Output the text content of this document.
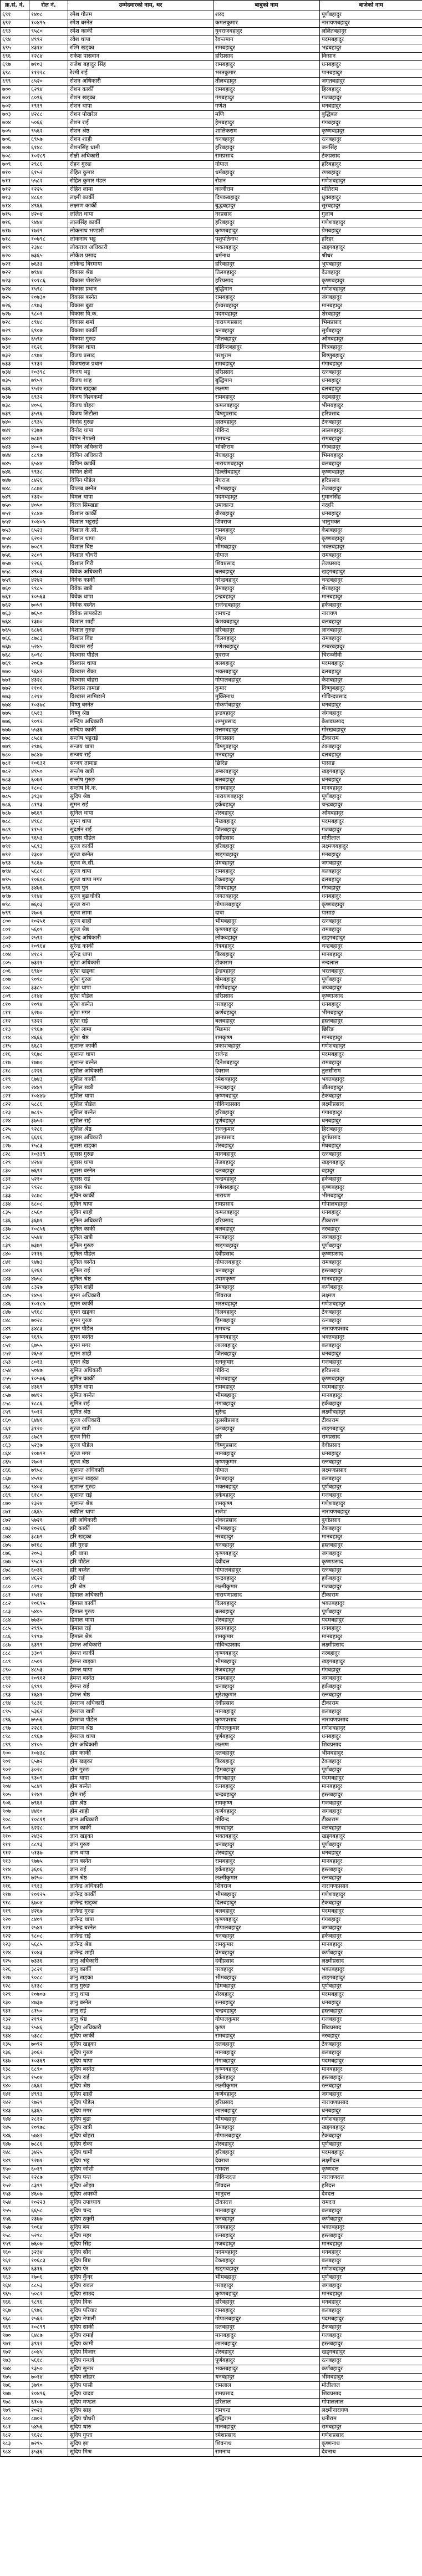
क्र.सं. नं.	रोल नं.	उम्मेदवारको नाम, थर	बाबुको नाम	बाजेको नाम
६९१	१४०८	रमेश गौतम	शरद	पूर्णबहादुर
६९२	१०४९५	रमेश बस्नेत	कमलकुमार	नारायणबहादुर
६९३	९५८०	रमेश कार्की	युवराजबहादुर	ललितबहादुर
६९४	४९९२	रवेश थापा	रेवन्तमान	पदमबहादुर
६९५	४३१४	रश्मि खड्का	रामबहादुर	भद्रबहादुर
६९६	१२८४	राकेश पासवान	हरिप्रसाद	किसान
६९७	७१०३	राजेश बहादुर सिंह	रामबहादुर	धनबहादुर
६९८	११२२८	रेश्मी राई	भरतकुमार	पानबहादुर
६९९	८५२०	रोशन अधिकारी	तीलबहादुर	जगतबहादुर
७००	६२९४	रोशन कार्की	रामबहादुर	हिरबहादुर
७०१	८०९६	रोशन खड्का	गंगबहादुर	गजबहादुर
७०२	१९१९	रोशन थापा	गणेश	धनबहादुर
७०३	४२८८	रोशन पोखरेल	मणि	बुद्धिबल
७०४	५०६६	रोशन राई	हेमबहादुर	गंगबहादुर
७०५	९५६२	रोशन श्रेष्ठ	शालिकराम	कृष्णबहादुर
७०६	६९५७	रोशन शाही	धनबहादुर	रत्नबहादुर
७०७	६१४८	रोशनसिंह धामी	हरिबहादुर	जनसिंह
७०८	१०२८९	रोक्षी अधिकारी	रामप्रसाद	टंकप्रसाद
७०९	२९८६	रोहन गुरुङ	गोपाल	हरिबहादुर
७१०	६१५२	रोहित कुमार	धर्मबहादुर	रणबहादुर
७११	५५८२	रोहित कुमार मंडल	रोशन	गणेशबहादुर
७१२	१२२५	रोहित लामा	काजीराम	मोतिराम
७१३	४८६०	लक्ष्मी कार्की	दिपकबहादुर	ध्रुवबहादुर
७१४	४९६६	लक्ष्मण कार्की	बुद्धबहादुर	सुरबहादुर
७१५	४२०४	ललित थापा	नरप्रसाद	गुलाब
७१६	९४४४	लालसिंह कार्की	हरिबहादुर	गणेशबहादुर
७१७	१७२९	लोकनाथ भण्डारी	कृष्णबहादुर	प्रेमबहादुर
७१८	१०७९८	लोकनाथ भट्ट	पशुपतिनाथ	हरिहर
७१९	२३४८	लोकराज अधिकारी	भक्तबहादुर	खड्गबहादुर
७२०	७३६५	लोकेश प्रसाद	धर्मनाथ	श्रीधर
७२१	७६३३	लोकेन्द्र बिरमाया	हरिबहादुर	भुपबहादुर
७२२	७९४४	विकास श्रेष्ठ	तिलबहादुर	देउबहादुर
७२३	१०१८६	विकास पोखरेल	हरिप्रसाद	कृष्णबहादुर
७२४	१५९८	विकास प्रधान	बुद्धिमान	गणेशबहादुर
७२५	१०७३०	विकास बस्नेत	रामबहादुर	जंगबहादुर
७२६	८९७३	विकास बुढा	ईश्वरबहादुर	मानबहादुर
७२७	९८०१	विकास वि.क.	पदमबहादुर	शेरबहादुर
७२८	८९४८	विकास शर्मा	नारायणप्रसाद	भिमप्रसाद
७२९	६९०७	विकाश कार्की	धनबहादुर	सुर्यबहादुर
७३०	६५९४	विकाश गुरुङ	जितबहादुर	ओमबहादुर
७३१	१६२६	विकाश थापा	गोविन्दबहादुर	चित्रबहादुर
७३२	८९७४	विजय प्रसाद	परशुराम	बिष्णुबहादुर
७३३	९१३२	विजयराज प्रधान	रामबहादुर	गंगाबहादुर
७३४	१०३९८	विजय भट्ट	हरिप्रसाद	रत्नबहादुर
७३५	७९५९	विजय शाह	बुद्धिमान	धनबहादुर
७३६	९५२४	विजय खड्का	लक्ष्मण	दलबहादुर
७३७	६९३२	विजय विश्वकर्मा	रामबहादुर	रुद्रबहादुर
७३८	४०५६	विजय बोहरा	कमलबहादुर	भीमबहादुर
७३९	३५९६	विजय सिटौला	विष्णुप्रसाद	हरिप्रसाद
७४०	८९३५	विनोद गुरुङ	हस्तबहादुर	टेकबहादुर
७४१	१३७७	विनोद थापा	गोविन्द	लालबहादुर
७४२	७८७९	विपन नेपाली	रामचन्द्र	रामबहादुर
७४३	४००६	विपिन अधिकारी	भक्तिराम	गंगबहादुर
७४४	८८९७	विपिन अधिकारी	मेघबहादुर	भिमबहादुर
७४५	६५४४	विपिन कार्की	नारायणबहादुर	बलबहादुर
७४६	९९३८	विपिन क्षेत्री	डिल्लीबहादुर	कृष्णबहादुर
७४७	८४२६	विपिन पौडेल	मेघराज	हरिप्रसाद
७४८	८८७४	विप्लब बस्नेत	भीमबहादुर	तेजबहादुर
७४९	१३२०	विमल थापा	पदमबहादुर	गुमानसिंह
७५०	४०५०	विरज सिम्खडा	उमाकान्त	नरहरि
७५१	१८४७	विशाल कार्की	वीरबहादुर	धनबहादुर
७५२	१०४०५	विशाल भट्टराई	शिवराज	भानुभक्त
७५३	६५२३	विशाल के.सी.	रामबहादुर	केशबहादुर
७५४	६२०२	विशाल थापा	मोहन	कृष्णबहादुर
७५५	७०८९	विशाल बिष्ट	भीमबहादुर	भक्तबहादुर
७५६	२८०९	विशाल चौधरी	गोपाल	रामबहादुर
७५७	१२६६	विशाल गिरी	शिवप्रसाद	तेजप्रसाद
७५८	४९०३	विवेक अधिकारी	बलबहादुर	खड्गबहादुर
७५९	४२४२	विवेक कार्की	नरेन्द्रबहादुर	चन्द्रबहादुर
७६०	९९८५	विवेक खत्री	प्रेमबहादुर	शेरबहादुर
७६१	१०५६३	विवेक थापा	इन्द्रबहादुर	मानबहादुर
७६२	७०५९	विवेक बस्नेत	राजेन्द्रबहादुर	हर्कबहादुर
७६३	७६५०	विवेक सापकोटा	रामचन्द्र	नारायण
७६४	१३७०	विशाल शाही	केशवबहादुर	बलबहादुर
७६५	६८७६	विशाल गुरुङ	हरिबहादुर	ज्ञानबहादुर
७६६	८७८३	विशाल विष्ट	दिलबहादुर	रामबहादुर
७६७	५२४५	विश्वास राई	गणेशबहादुर	डम्बरबहादुर
७६८	६०९८	विश्वास पौडेल	युवराज	चिरञ्जीवी
७६९	२०६७	विश्वास थापा	बलबहादुर	पदमबहादुर
७७०	९६४२	विश्वास रोका	भक्तबहादुर	दलबहादुर
७७१	४३२८	विश्वास बोहरा	गोपालबहादुर	केशबहादुर
७७२	११०१	विश्वास तामाङ	कुमार	विष्णुबहादुर
७७३	८२१४	विश्वास लामिछाने	मुक्तिनाथ	गोविन्दप्रसाद
७७४	१०३७८	विष्णु बस्नेत	गोकर्णबहादुर	धनबहादुर
७७५	६५१३	विष्णु श्रेष्ठ	इन्द्रबहादुर	जंगबहादुर
७७६	९०९२	सन्दिप अधिकारी	शम्भुप्रसाद	केशवप्रसाद
७७७	५५३६	सन्दिप कार्की	उत्तमबहादुर	गोरखबहादुर
७७८	८५८४	सन्तोष भट्टराई	गंगाप्रसाद	टीकाराम
७७९	२९७६	सन्जय थापा	विष्णुबहादुर	टंकबहादुर
७८०	७८४७	सन्जय राई	मनबहादुर	दलबहादुर
७८१	१०६३२	सन्जय तामाङ	छिरिङ	पासाङ
७८२	४९५०	सन्तोष खत्री	डम्बरबहादुर	खड्गबहादुर
७८३	६०७१	सन्तोष गुरुङ	बलबहादुर	धनबहादुर
७८४	१८०८	सन्तोष बि.क.	रत्नबहादुर	मानबहादुर
७८५	३९३४	सुदिप श्रेष्ठ	नारायणबहादुर	पूर्णबहादुर
७८६	८१९३	सुमन राई	हर्कबहादुर	चन्द्रबहादुर
७८७	७६६९	सुनिल थापा	शेरबहादुर	ओमबहादुर
७८८	४९६८	सुमन थापा	मेखबहादुर	पदमबहादुर
७८९	११५२	सुदर्शन राई	जितबहादुर	गजबहादुर
७९०	९६५३	सुवास पौडेल	देवीप्रसाद	मोतीलाल
७९१	५६९३	सुरज कार्की	हरिबहादुर	लक्ष्मणबहादुर
७९२	२३०४	सुरज बस्नेत	खड्गबहादुर	मनबहादुर
७९३	९८६७	सुरज के.सी.	प्रेमबहादुर	जगबहादुर
७९४	५६८१	सुरज थापा	रामबहादुर	बलबहादुर
७९५	१०६०८	सुरज थापा मगर	टेकबहादुर	दलबहादुर
७९६	३४७६	सुरज पुन	शिवबहादुर	गंगबहादुर
७९७	९१४४	सुरज बुढाथोकी	जगतबहादुर	धनबहादुर
७९८	७६०३	सुरज राना	गोपालबहादुर	कृष्णबहादुर
७९९	२७०६	सुरज लामा	दावा	पासाङ
८००	१०२५१	सुरज शाही	भीमबहादुर	रत्नबहादुर
८०१	५६०९	सुरज श्रेष्ठ	कृष्णबहादुर	रामबहादुर
८०२	२५९२	सुरेन्द्र अधिकारी	लोकबहादुर	खड्गबहादुर
८०३	१०९६४	सुरेन्द्र कार्की	नेत्रबहादुर	चन्द्रबहादुर
८०४	४१८२	सुरेन्द्र थापा	बिरबहादुर	मानबहादुर
८०५	७३२१	सुरेश अधिकारी	टीकाराम	नन्दलाल
८०६	६९४०	सुरेश खड्का	ईन्द्रबहादुर	भरतबहादुर
८०७	९०९८	सुरेश गुरुङ	खेमबहादुर	पूर्णबहादुर
८०८	३३८५	सुरेश थापा	गोपीबहादुर	जयबहादुर
८०९	८१४४	सुरेश पौडेल	हरिप्रसाद	कृष्णप्रसाद
८१०	१०९४	सुरेश बस्नेत	नरबहादुर	धनबहादुर
८११	६२७०	सुरेश मगर	कर्णबहादुर	भीमबहादुर
८१२	९३२२	सुरेश राई	बलबहादुर	हस्तबहादुर
८१३	१९६७	सुरेश लामा	मिङमार	छिरिङ
८१४	४६६६	सुरेश श्रेष्ठ	रामकृष्ण	मानबहादुर
८१५	६६८२	सुशान्त कार्की	प्रकाशबहादुर	गणेशबहादुर
८१६	९६७८	सुशान्त थापा	राजेन्द्र	पदमबहादुर
८१७	१७७०	सुशान्त बस्नेत	दिनेशबहादुर	रामबहादुर
८१८	८२२६	सुशिल अधिकारी	देवराज	तुलसीराम
८१९	६७४३	सुशिल कार्की	रमेशबहादुर	भक्तबहादुर
८२०	२४४९	सुशिल खत्री	नन्दबहादुर	जीतबहादुर
८२१	१०४४७	सुशिल थापा	कृष्णबहादुर	टेकबहादुर
८२२	५८८६	सुशिल पौडेल	गोविन्दप्रसाद	लक्ष्मीप्रसाद
८२३	७८१५	सुशिल बस्नेत	हरिबहादुर	गंगाबहादुर
८२४	३७५२	सुशिल राई	पूर्णबहादुर	धनबहादुर
८२५	९२८६	सुशिल श्रेष्ठ	राजकुमार	हिराबहादुर
८२६	६६१६	सुवास अधिकारी	ज्ञानप्रसाद	दुर्गाप्रसाद
८२७	१५८३	सुवास खड्का	शेरबहादुर	मेघबहादुर
८२८	१०३३९	सुवास गुरुङ	मानबहादुर	रत्नबहादुर
८२९	४२४४	सुवास थापा	तेजबहादुर	खड्गबहादुर
८३०	७६९२	सुवास बस्नेत	दलबहादुर	बहादुर
८३१	५२१०	सुवास राई	चन्द्रबहादुर	हर्कबहादुर
८३२	९९२८	सुवास श्रेष्ठ	गणेशबहादुर	कृष्णबहादुर
८३३	२८७८	सुविन कार्की	नारायण	भीमबहादुर
८३४	६८०८	सुविन थापा	रामप्रसाद	गोपालबहादुर
८३५	८५६०	सुविन शाही	कमलबहादुर	धनबहादुर
८३६	३६७१	सुनिल अधिकारी	हरिप्रसाद	टीकाराम
८३७	१०८५६	सुनिल कार्की	बलबहादुर	नरबहादुर
८३८	५५४४	सुनिल खत्री	मनबहादुर	जगबहादुर
८३९	७३७९	सुनिल गुरुङ	खड्गबहादुर	पूर्णबहादुर
८४०	२११६	सुनिल पौडेल	देवीप्रसाद	कृष्णप्रसाद
८४१	९४७३	सुनिल बस्नेत	गोपालबहादुर	रामबहादुर
८४२	६२६१	सुनिल राई	धनबहादुर	हस्तबहादुर
८४३	४७५८	सुनिल श्रेष्ठ	श्यामकृष्ण	मानबहादुर
८४४	८३२७	सुनिल शाही	प्रेमबहादुर	कर्णबहादुर
८४५	१४५१	सुमन अधिकारी	शिवराज	लक्ष्मण
८४६	१०१८५	सुमन कार्की	भरतबहादुर	गणेशबहादुर
८४७	५९६८	सुमन खड्का	दिलबहादुर	टेकबहादुर
८४८	७०२८	सुमन गुरुङ	हिमबहादुर	रत्नबहादुर
८४९	३४८३	सुमन पौडेल	रामचन्द्र	नारायणप्रसाद
८५०	९६९५	सुमन बस्नेत	कृष्णबहादुर	भक्तबहादुर
८५१	६७५५	सुमन मगर	लालबहादुर	बलबहादुर
८५२	२६५४	सुमन शाही	जितबहादुर	धनबहादुर
८५३	८०१३	सुमन श्रेष्ठ	रत्नकुमार	गजबहादुर
८५४	५०४७	सुमित अधिकारी	गोविन्द	हरिप्रसाद
८५५	१०५७६	सुमित कार्की	नरेशबहादुर	कृष्णबहादुर
८५६	४३६९	सुमित थापा	रामबहादुर	पदमबहादुर
८५७	७४१२	सुमित बस्नेत	भीमबहादुर	मानबहादुर
८५८	१८८६	सुमित राई	गंगाबहादुर	हर्कबहादुर
८५९	९०१२	सुमित श्रेष्ठ	सुरेन्द्र	लक्ष्मीबहादुर
८६०	६४४१	सुरज अधिकारी	तुलसीप्रसाद	टीकाराम
८६१	३१२०	सुरज खत्री	दलबहादुर	खड्गबहादुर
८६२	८७८९	सुरज गिरी	हरि	रामप्रसाद
८६३	५२३७	सुरज पौडेल	विष्णुप्रसाद	देवीप्रसाद
८६४	१०७९२	सुरज मगर	मानबहादुर	धनबहादुर
८६५	२७०१	सुरज श्रेष्ठ	कृष्णकुमार	रत्नबहादुर
८६६	७९५८	सुशान्त अधिकारी	गोपाल	लक्ष्मणप्रसाद
८६७	४५९४	सुशान्त खड्का	प्रेमबहादुर	बलबहादुर
८६८	९४०३	सुशान्त गुरुङ	भक्तबहादुर	पूर्णबहादुर
८६९	६१८०	सुशान्त राई	हर्कबहादुर	गजबहादुर
८७०	१३२४	सुशान्त श्रेष्ठ	रामकृष्ण	गणेशबहादुर
८७१	८६६५	स्वप्निल थापा	राजेश	नारायणबहादुर
८७२	५७२१	हरि अधिकारी	शंकरप्रसाद	दुर्गाप्रसाद
८७३	१०२६६	हरि कार्की	भीमबहादुर	टेकबहादुर
८७४	३८७९	हरि खड्का	नरबहादुर	मानबहादुर
८७५	७१६८	हरि गुरुङ	धनबहादुर	हस्तबहादुर
८७६	२०५३	हरि थापा	कृष्णबहादुर	जगबहादुर
८७७	९५८१	हरि पौडेल	देवीदत्त	कृष्णप्रसाद
८७८	६०३६	हरि बस्नेत	गोपालबहादुर	रत्नबहादुर
८७९	४६२२	हरि राई	चन्द्रबहादुर	हर्कबहादुर
८८०	८२९०	हरि श्रेष्ठ	लक्ष्मीकुमार	गजबहादुर
८८१	१५१४	हिमाल अधिकारी	नारायणप्रसाद	टीकाराम
८८२	१०६९५	हिमाल कार्की	दिलबहादुर	भक्तबहादुर
८८३	५४०५	हिमाल गुरुङ	बलबहादुर	पूर्णबहादुर
८८४	७७३०	हिमाल थापा	शेरबहादुर	पदमबहादुर
८८५	२९९५	हिमाल राई	हस्तबहादुर	धनबहादुर
८८६	९१९७	हिमाल श्रेष्ठ	रामकुमार	मानबहादुर
८८७	६३९९	हेमन्त अधिकारी	गोविन्दप्रसाद	लक्ष्मीप्रसाद
८८८	३३०९	हेमन्त कार्की	कृष्णबहादुर	नरबहादुर
८८९	८५०१	हेमन्त खड्का	भीमबहादुर	खड्गबहादुर
८९०	४८५३	हेमन्त थापा	तेजबहादुर	गंगबहादुर
८९१	१०९१२	हेमन्त बस्नेत	रामबहादुर	जगबहादुर
८९२	६९९१	हेमन्त राई	धनबहादुर	हर्कबहादुर
८९३	१६४१	हेमन्त श्रेष्ठ	सुरेशकुमार	रत्नबहादुर
८९४	९८३६	हेमराज अधिकारी	देवीप्रसाद	टीकाराम
८९५	५३६२	हेमराज खत्री	मानबहादुर	बलबहादुर
८९६	७५५६	हेमराज पौडेल	कृष्णप्रसाद	नारायणप्रसाद
८९७	२२८६	हेमराज श्रेष्ठ	गोपालकुमार	गणेशबहादुर
८९८	८९६७	हेमराज थापा	पूर्णबहादुर	धनबहादुर
८९९	४१०५	होम अधिकारी	लक्ष्मण	शिवप्रसाद
९००	१०४३८	होम कार्की	दलबहादुर	भीमबहादुर
९०१	६५७२	होम खड्का	बिरबहादुर	टेकबहादुर
९०२	३०२८	होम गुरुङ	हिमबहादुर	पूर्णबहादुर
९०३	९३०९	होम थापा	गंगाबहादुर	पदमबहादुर
९०४	५८४९	होम बस्नेत	रत्नबहादुर	मानबहादुर
९०५	१२४९	होम राई	चन्द्रबहादुर	हस्तबहादुर
९०६	७९६१	होम श्रेष्ठ	रामकृष्ण	गजबहादुर
९०७	४४१०	होम शाही	कर्णबहादुर	जगबहादुर
९०८	१०८११	ज्ञान अधिकारी	गोविन्द	टीकाराम
९०९	६२२८	ज्ञान कार्की	नरबहादुर	बलबहादुर
९१०	२४३२	ज्ञान खड्का	भक्तबहादुर	खड्गबहादुर
९११	८८९३	ज्ञान गुरुङ	धनबहादुर	पूर्णबहादुर
९१२	५१३७	ज्ञान थापा	शेरबहादुर	धनबहादुर
९१३	९७७५	ज्ञान बस्नेत	रामबहादुर	मानबहादुर
९१४	३६०६	ज्ञान राई	हर्कबहादुर	हस्तबहादुर
९१५	७२५०	ज्ञान श्रेष्ठ	लक्ष्मीकुमार	रत्नबहादुर
९१६	१९१३	ज्ञानेन्द्र अधिकारी	शिवराज	नारायणप्रसाद
९१७	१०१२५	ज्ञानेन्द्र कार्की	भीमबहादुर	गणेशबहादुर
९१८	६७०४	ज्ञानेन्द्र खड्का	दिलबहादुर	टेकबहादुर
९१९	४२६७	ज्ञानेन्द्र गुरुङ	बलबहादुर	पदमबहादुर
९२०	८४०९	ज्ञानेन्द्र थापा	कृष्णबहादुर	गंगबहादुर
९२१	२५४१	ज्ञानेन्द्र बस्नेत	गोपालबहादुर	जगबहादुर
९२२	९८०८	ज्ञानेन्द्र राई	धनबहादुर	हर्कबहादुर
९२३	५६८५	ज्ञानेन्द्र श्रेष्ठ	रामकुमार	मानबहादुर
९२४	१०४३	ज्ञानेन्द्र शाही	प्रेमबहादुर	कर्णबहादुर
९२५	७३३६	ज्ञानु अधिकारी	देवीप्रसाद	लक्ष्मीप्रसाद
९२६	३८२१	ज्ञानु कार्की	नरबहादुर	भक्तबहादुर
९२७	९०८८	ज्ञानु खड्का	भीमबहादुर	खड्गबहादुर
९२८	६१३८	ज्ञानु गुरुङ	हिमबहादुर	पूर्णबहादुर
९२९	१०७०७	ज्ञानु थापा	शेरबहादुर	पदमबहादुर
९३०	४७३७	ज्ञानु बस्नेत	रत्नबहादुर	धनबहादुर
९३१	८१५०	ज्ञानु राई	चन्द्रबहादुर	हस्तबहादुर
९३२	२१९२	ज्ञानु श्रेष्ठ	गोपालकुमार	गजबहादुर
९३३	९५४६	सुदिप अधिकारी	कृष्ण	शिवप्रसाद
९३४	५३८८	सुदिप कार्की	रामबहादुर	नरबहादुर
९३५	७०९२	सुदिप खड्का	दलबहादुर	टेकबहादुर
९३६	३०६२	सुदिप गुरुङ	मानबहादुर	बलबहादुर
९३७	१०३६९	सुदिप थापा	गंगाबहादुर	पदमबहादुर
९३८	६८९०	सुदिप बस्नेत	कृष्णबहादुर	मानबहादुर
९३९	१५०४	सुदिप राई	हर्कबहादुर	हस्तबहादुर
९४०	८६६२	सुदिप श्रेष्ठ	लक्ष्मीकुमार	रत्नबहादुर
९४१	४९९३	सुदिप शाही	कर्णबहादुर	जगबहादुर
९४२	९७२९	सुदिप पौडेल	हरिप्रसाद	नारायणप्रसाद
९४३	६३६५	सुदिप मगर	लालबहादुर	धनबहादुर
९४४	२८१२	सुदिप बुढा	भीमबहादुर	गणेशबहादुर
९४५	१०९७८	सुदिप खत्री	प्रेमबहादुर	खड्गबहादुर
९४६	५७४२	सुदिप बोहरा	गोपालबहादुर	टेकबहादुर
९४७	७८८६	सुदिप रोका	शेरबहादुर	पूर्णबहादुर
९४८	३४२५	सुदिप धामी	हरिबहादुर	पदमबहादुर
९४९	९२७१	सुदिप भट्ट	देवराज	लक्ष्मीदत्त
९५०	६०१९	सुदिप जोशी	रामदत्त	कृष्णदत्त
९५१	१२८७	सुदिप पन्त	गोविन्ददत्त	नारायणदत्त
९५२	८३९९	सुदिप ओझा	शिवदत्त	हरिदत्त
९५३	४६०७	सुदिप अवस्थी	भानुदत्त	देवदत्त
९५४	१०२२३	सुदिप उपाध्याय	टीकादत्त	रामदत्त
९५५	६६५८	सुदिप चन्द	मानबहादुर	बलबहादुर
९५६	२३७७	सुदिप ठकुरी	धनबहादुर	कर्णबहादुर
९५७	९०६४	सुदिप बम	जगबहादुर	भक्तबहादुर
९५८	५२९८	सुदिप महर	रत्नबहादुर	हस्तबहादुर
९५९	७६०७	सुदिप सिंह	गजबहादुर	मानबहादुर
९६०	३२३४	सुदिप सौद	पदमबहादुर	धनबहादुर
९६१	१०६८३	सुदिप बिष्ट	टेकबहादुर	बलबहादुर
९६२	६३१६	सुदिप ऐर	खड्गबहादुर	गणेशबहादुर
९६३	१७०६	सुदिप कुँवर	भीमबहादुर	पूर्णबहादुर
९६४	८८५३	सुदिप रावल	नरबहादुर	जगबहादुर
९६५	५०८२	सुदिप साउद	कृष्णबहादुर	मानबहादुर
९६६	९८९६	सुदिप विक	हरिबहादुर	धनबहादुर
९६७	६९७६	सुदिप परियार	रामबहादुर	बलबहादुर
९६८	२५६२	सुदिप नेपाली	गोपालबहादुर	पदमबहादुर
९६९	१०८९९	सुदिप सार्की	दलबहादुर	टेकबहादुर
९७०	६४८७	सुदिप दमाई	मानबहादुर	गजबहादुर
९७१	३९१२	सुदिप कामी	लालबहादुर	हस्तबहादुर
९७२	८०४५	सुदिप मिजार	शेरबहादुर	खड्गबहादुर
९७३	५६१८	सुदिप गन्धर्व	पूर्णबहादुर	रत्नबहादुर
९७४	९३५०	सुदिप सुनार	भक्तबहादुर	कर्णबहादुर
९७५	७०१४	सुदिप लोहार	धनबहादुर	भीमबहादुर
९७६	३७९०	सुदिप पासी	रामलाल	मोतीलाल
९७७	१०४९६	सुदिप यादव	रामप्रसाद	शिवप्रसाद
९७८	६१०७	सुदिप मण्डल	हरिलाल	गोपाललाल
९७९	२०२३	सुदिप साह	रामचन्द्र	लक्ष्मीनारायण
९८०	८७०२	सुदिप चौधरी	बुद्धिराम	धनीराम
९८१	५४५६	सुदिप थारु	मानबहादुर	रामबहादुर
९८२	९६२८	सुदिप गुप्ता	रमेशप्रसाद	गणेशप्रसाद
९८३	७२९५	सुदिप झा	शिवनाथ	कृष्णनाथ
९८४	३५३६	सुदिप मिश्र	रामनाथ	देवनाथ
